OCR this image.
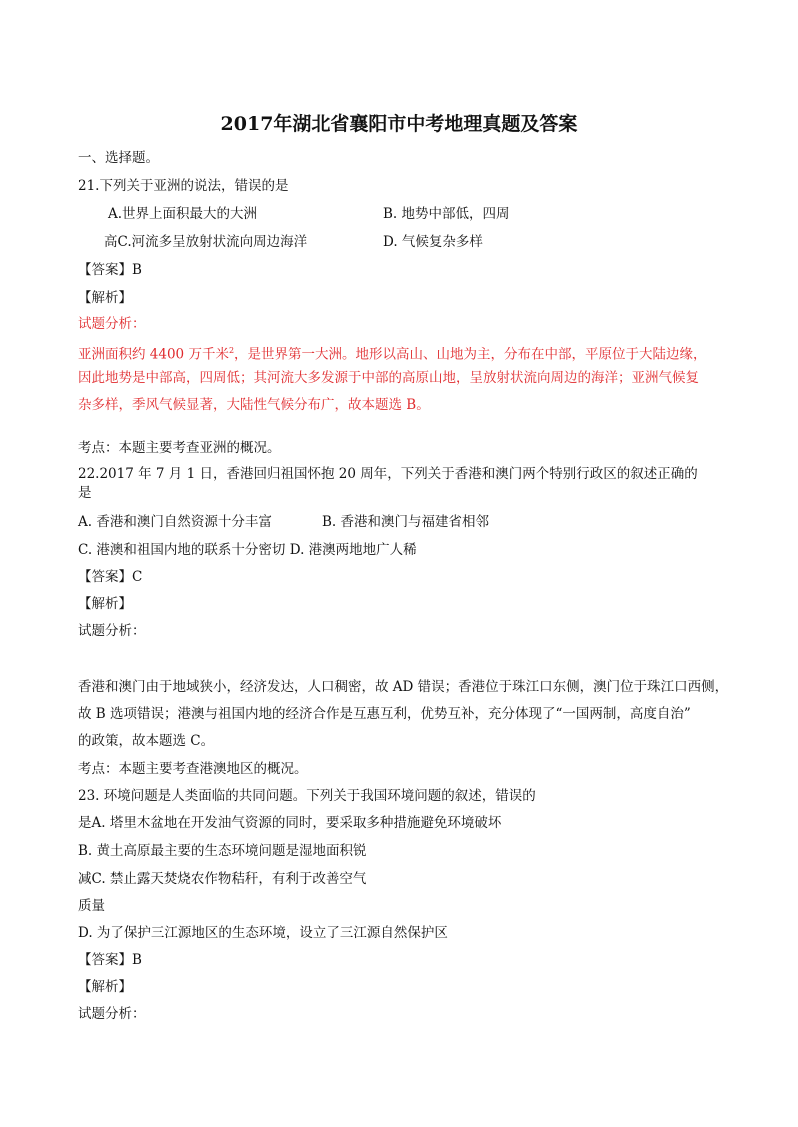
2017年湖北省襄阳市中考地理真题及答案
一、选择题。
21.下列关于亚洲的说法，错误的是
A.世界上面积最大的大洲	B. 地势中部低，四周
高C.河流多呈放射状流向周边海洋	D. 气候复杂多样
【答案】B
【解析】
试题分析：
亚洲面积约 4400 万千米$^2$，是世界第一大洲。地形以高山、山地为主，分布在中部，平原位于大陆边缘，
因此地势是中部高，四周低；其河流大多发源于中部的高原山地，呈放射状流向周边的海洋；亚洲气候复
杂多样，季风气候显著，大陆性气候分布广，故本题选 B。
考点：本题主要考查亚洲的概况。
22.2017 年 7 月 1 日，香港回归祖国怀抱 20 周年，下列关于香港和澳门两个特别行政区的叙述正确的
是
A. 香港和澳门自然资源十分丰富	B. 香港和澳门与福建省相邻
C. 港澳和祖国内地的联系十分密切 D. 港澳两地地广人稀
【答案】C
【解析】
试题分析：
香港和澳门由于地域狭小，经济发达，人口稠密，故 AD 错误；香港位于珠江口东侧，澳门位于珠江口西侧，
故 B 选项错误；港澳与祖国内地的经济合作是互惠互利，优势互补，充分体现了“一国两制，高度自治”
的政策，故本题选 C。
考点：本题主要考查港澳地区的概况。
23. 环境问题是人类面临的共同问题。下列关于我国环境问题的叙述，错误的
是A. 塔里木盆地在开发油气资源的同时，要采取多种措施避免环境破坏
B. 黄土高原最主要的生态环境问题是湿地面积锐
减C. 禁止露天焚烧农作物秸秆，有利于改善空气
质量
D. 为了保护三江源地区的生态环境，设立了三江源自然保护区
【答案】B
【解析】
试题分析：
